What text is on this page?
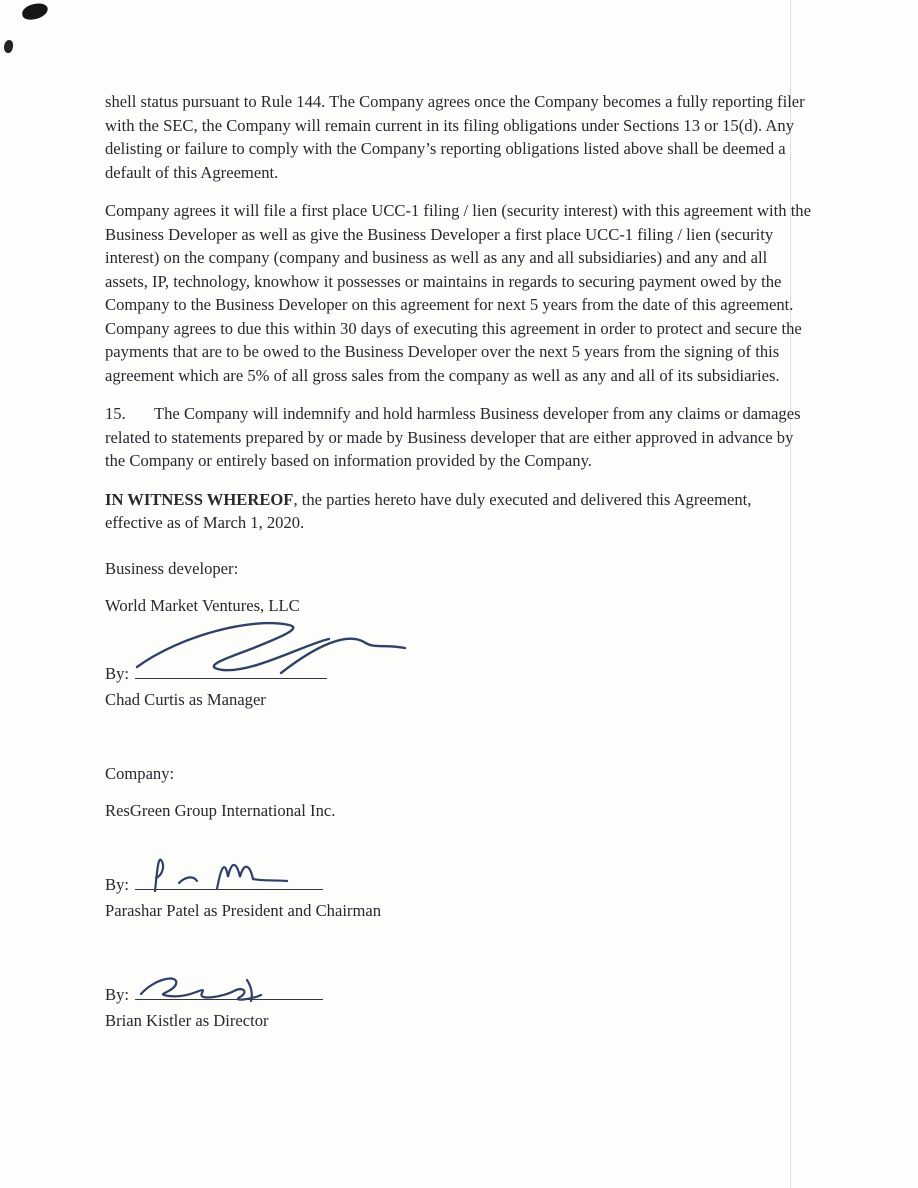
shell status pursuant to Rule 144. The Company agrees once the Company becomes a fully reporting filer with the SEC, the Company will remain current in its filing obligations under Sections 13 or 15(d). Any delisting or failure to comply with the Company’s reporting obligations listed above shall be deemed a default of this Agreement.

Company agrees it will file a first place UCC-1 filing / lien (security interest) with this agreement with the Business Developer as well as give the Business Developer a first place UCC-1 filing / lien (security interest) on the company (company and business as well as any and all subsidiaries) and any and all assets, IP, technology, knowhow it possesses or maintains in regards to securing payment owed by the Company to the Business Developer on this agreement for next 5 years from the date of this agreement. Company agrees to due this within 30 days of executing this agreement in order to protect and secure the payments that are to be owed to the Business Developer over the next 5 years from the signing of this agreement which are 5% of all gross sales from the company as well as any and all of its subsidiaries.

15. The Company will indemnify and hold harmless Business developer from any claims or damages related to statements prepared by or made by Business developer that are either approved in advance by the Company or entirely based on information provided by the Company.

IN WITNESS WHEREOF, the parties hereto have duly executed and delivered this Agreement, effective as of March 1, 2020.

Business developer:
World Market Ventures, LLC
By:
Chad Curtis as Manager
Company:
ResGreen Group International Inc.
By:
Parashar Patel as President and Chairman
By:
Brian Kistler as Director
